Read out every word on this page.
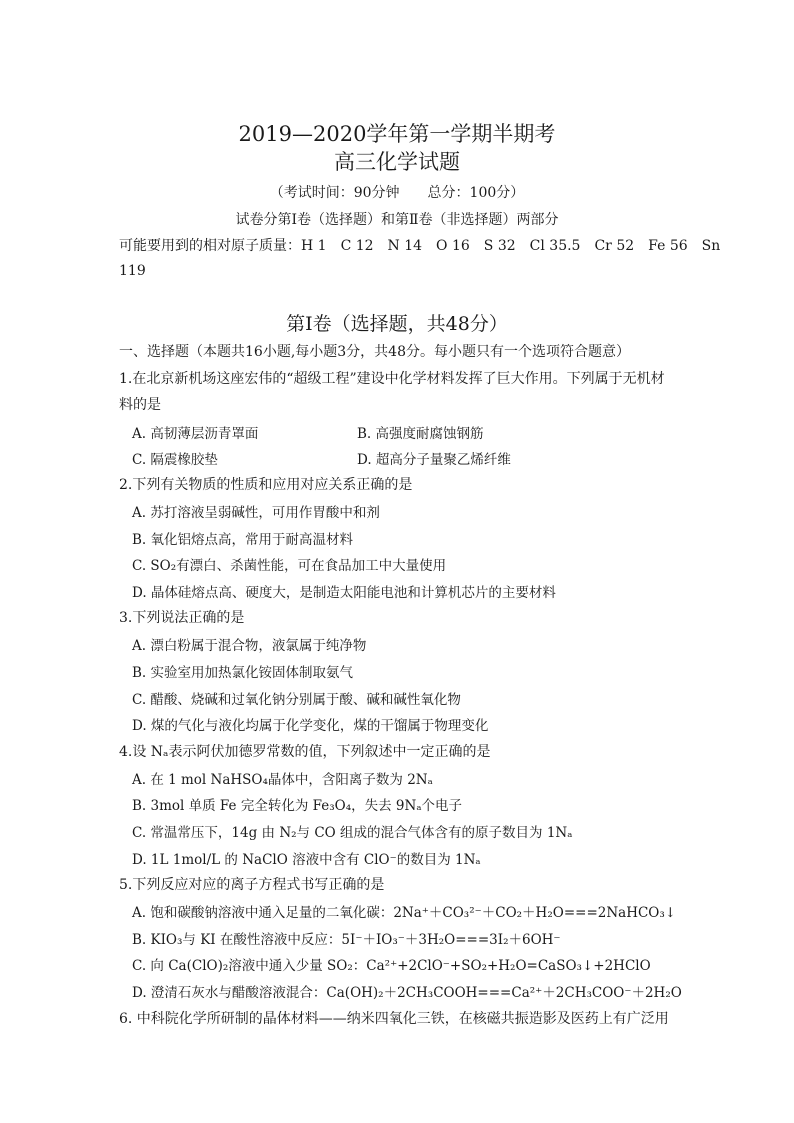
2019—2020学年第一学期半期考
高三化学试题
（考试时间：90分钟　　总分：100分）
试卷分第Ⅰ卷（选择题）和第Ⅱ卷（非选择题）两部分
可能要用到的相对原子质量：H 1　C 12　N 14　O 16　S 32　Cl 35.5　Cr 52　Fe 56　Sn
119
第Ⅰ卷（选择题，共48分）
一、选择题（本题共16小题,每小题3分，共48分。每小题只有一个选项符合题意）
1.在北京新机场这座宏伟的“超级工程”建设中化学材料发挥了巨大作用。下列属于无机材
料的是
A. 高韧薄层沥青罩面	B. 高强度耐腐蚀钢筋
C. 隔震橡胶垫	D. 超高分子量聚乙烯纤维
2.下列有关物质的性质和应用对应关系正确的是
A. 苏打溶液呈弱碱性，可用作胃酸中和剂
B. 氧化铝熔点高，常用于耐高温材料
C. SO₂有漂白、杀菌性能，可在食品加工中大量使用
D. 晶体硅熔点高、硬度大，是制造太阳能电池和计算机芯片的主要材料
3.下列说法正确的是
A. 漂白粉属于混合物，液氯属于纯净物
B. 实验室用加热氯化铵固体制取氨气
C. 醋酸、烧碱和过氧化钠分别属于酸、碱和碱性氧化物
D. 煤的气化与液化均属于化学变化，煤的干馏属于物理变化
4.设 Nₐ表示阿伏加德罗常数的值，下列叙述中一定正确的是
A. 在 1 mol NaHSO₄晶体中，含阳离子数为 2Nₐ
B. 3mol 单质 Fe 完全转化为 Fe₃O₄，失去 9Nₐ个电子
C. 常温常压下，14g 由 N₂与 CO 组成的混合气体含有的原子数目为 1Nₐ
D. 1L 1mol/L 的 NaClO 溶液中含有 ClO⁻的数目为 1Nₐ
5.下列反应对应的离子方程式书写正确的是
A. 饱和碳酸钠溶液中通入足量的二氧化碳：2Na⁺＋CO₃²⁻＋CO₂＋H₂O===2NaHCO₃↓
B. KIO₃与 KI 在酸性溶液中反应：5I⁻＋IO₃⁻＋3H₂O===3I₂＋6OH⁻
C. 向 Ca(ClO)₂溶液中通入少量 SO₂：Ca²⁺+2ClO⁻+SO₂+H₂O=CaSO₃↓+2HClO
D. 澄清石灰水与醋酸溶液混合：Ca(OH)₂＋2CH₃COOH===Ca²⁺＋2CH₃COO⁻＋2H₂O
6. 中科院化学所研制的晶体材料——纳米四氧化三铁，在核磁共振造影及医药上有广泛用
